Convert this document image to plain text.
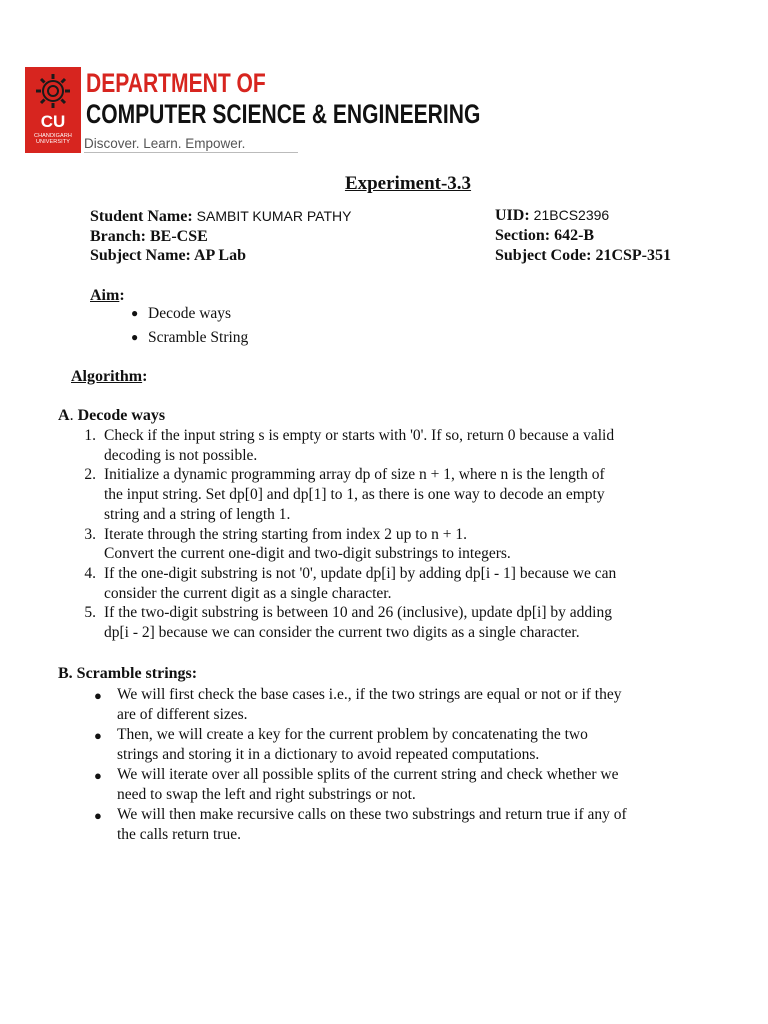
CU
CHANDIGARH UNIVERSITY
DEPARTMENT OF
COMPUTER SCIENCE & ENGINEERING
Discover. Learn. Empower.
Experiment-3.3
Student Name: SAMBIT KUMAR PATHY	UID: 21BCS2396
Branch: BE-CSE	Section: 642-B
Subject Name: AP Lab	Subject Code: 21CSP-351
Aim:
● Decode ways
● Scramble String
Algorithm:
A. Decode ways
1. Check if the input string s is empty or starts with '0'. If so, return 0 because a valid
decoding is not possible.
2. Initialize a dynamic programming array dp of size n + 1, where n is the length of
the input string. Set dp[0] and dp[1] to 1, as there is one way to decode an empty
string and a string of length 1.
3. Iterate through the string starting from index 2 up to n + 1.
Convert the current one-digit and two-digit substrings to integers.
4. If the one-digit substring is not '0', update dp[i] by adding dp[i - 1] because we can
consider the current digit as a single character.
5. If the two-digit substring is between 10 and 26 (inclusive), update dp[i] by adding
dp[i - 2] because we can consider the current two digits as a single character.
B. Scramble strings:
● We will first check the base cases i.e., if the two strings are equal or not or if they
are of different sizes.
● Then, we will create a key for the current problem by concatenating the two
strings and storing it in a dictionary to avoid repeated computations.
● We will iterate over all possible splits of the current string and check whether we
need to swap the left and right substrings or not.
● We will then make recursive calls on these two substrings and return true if any of
the calls return true.
